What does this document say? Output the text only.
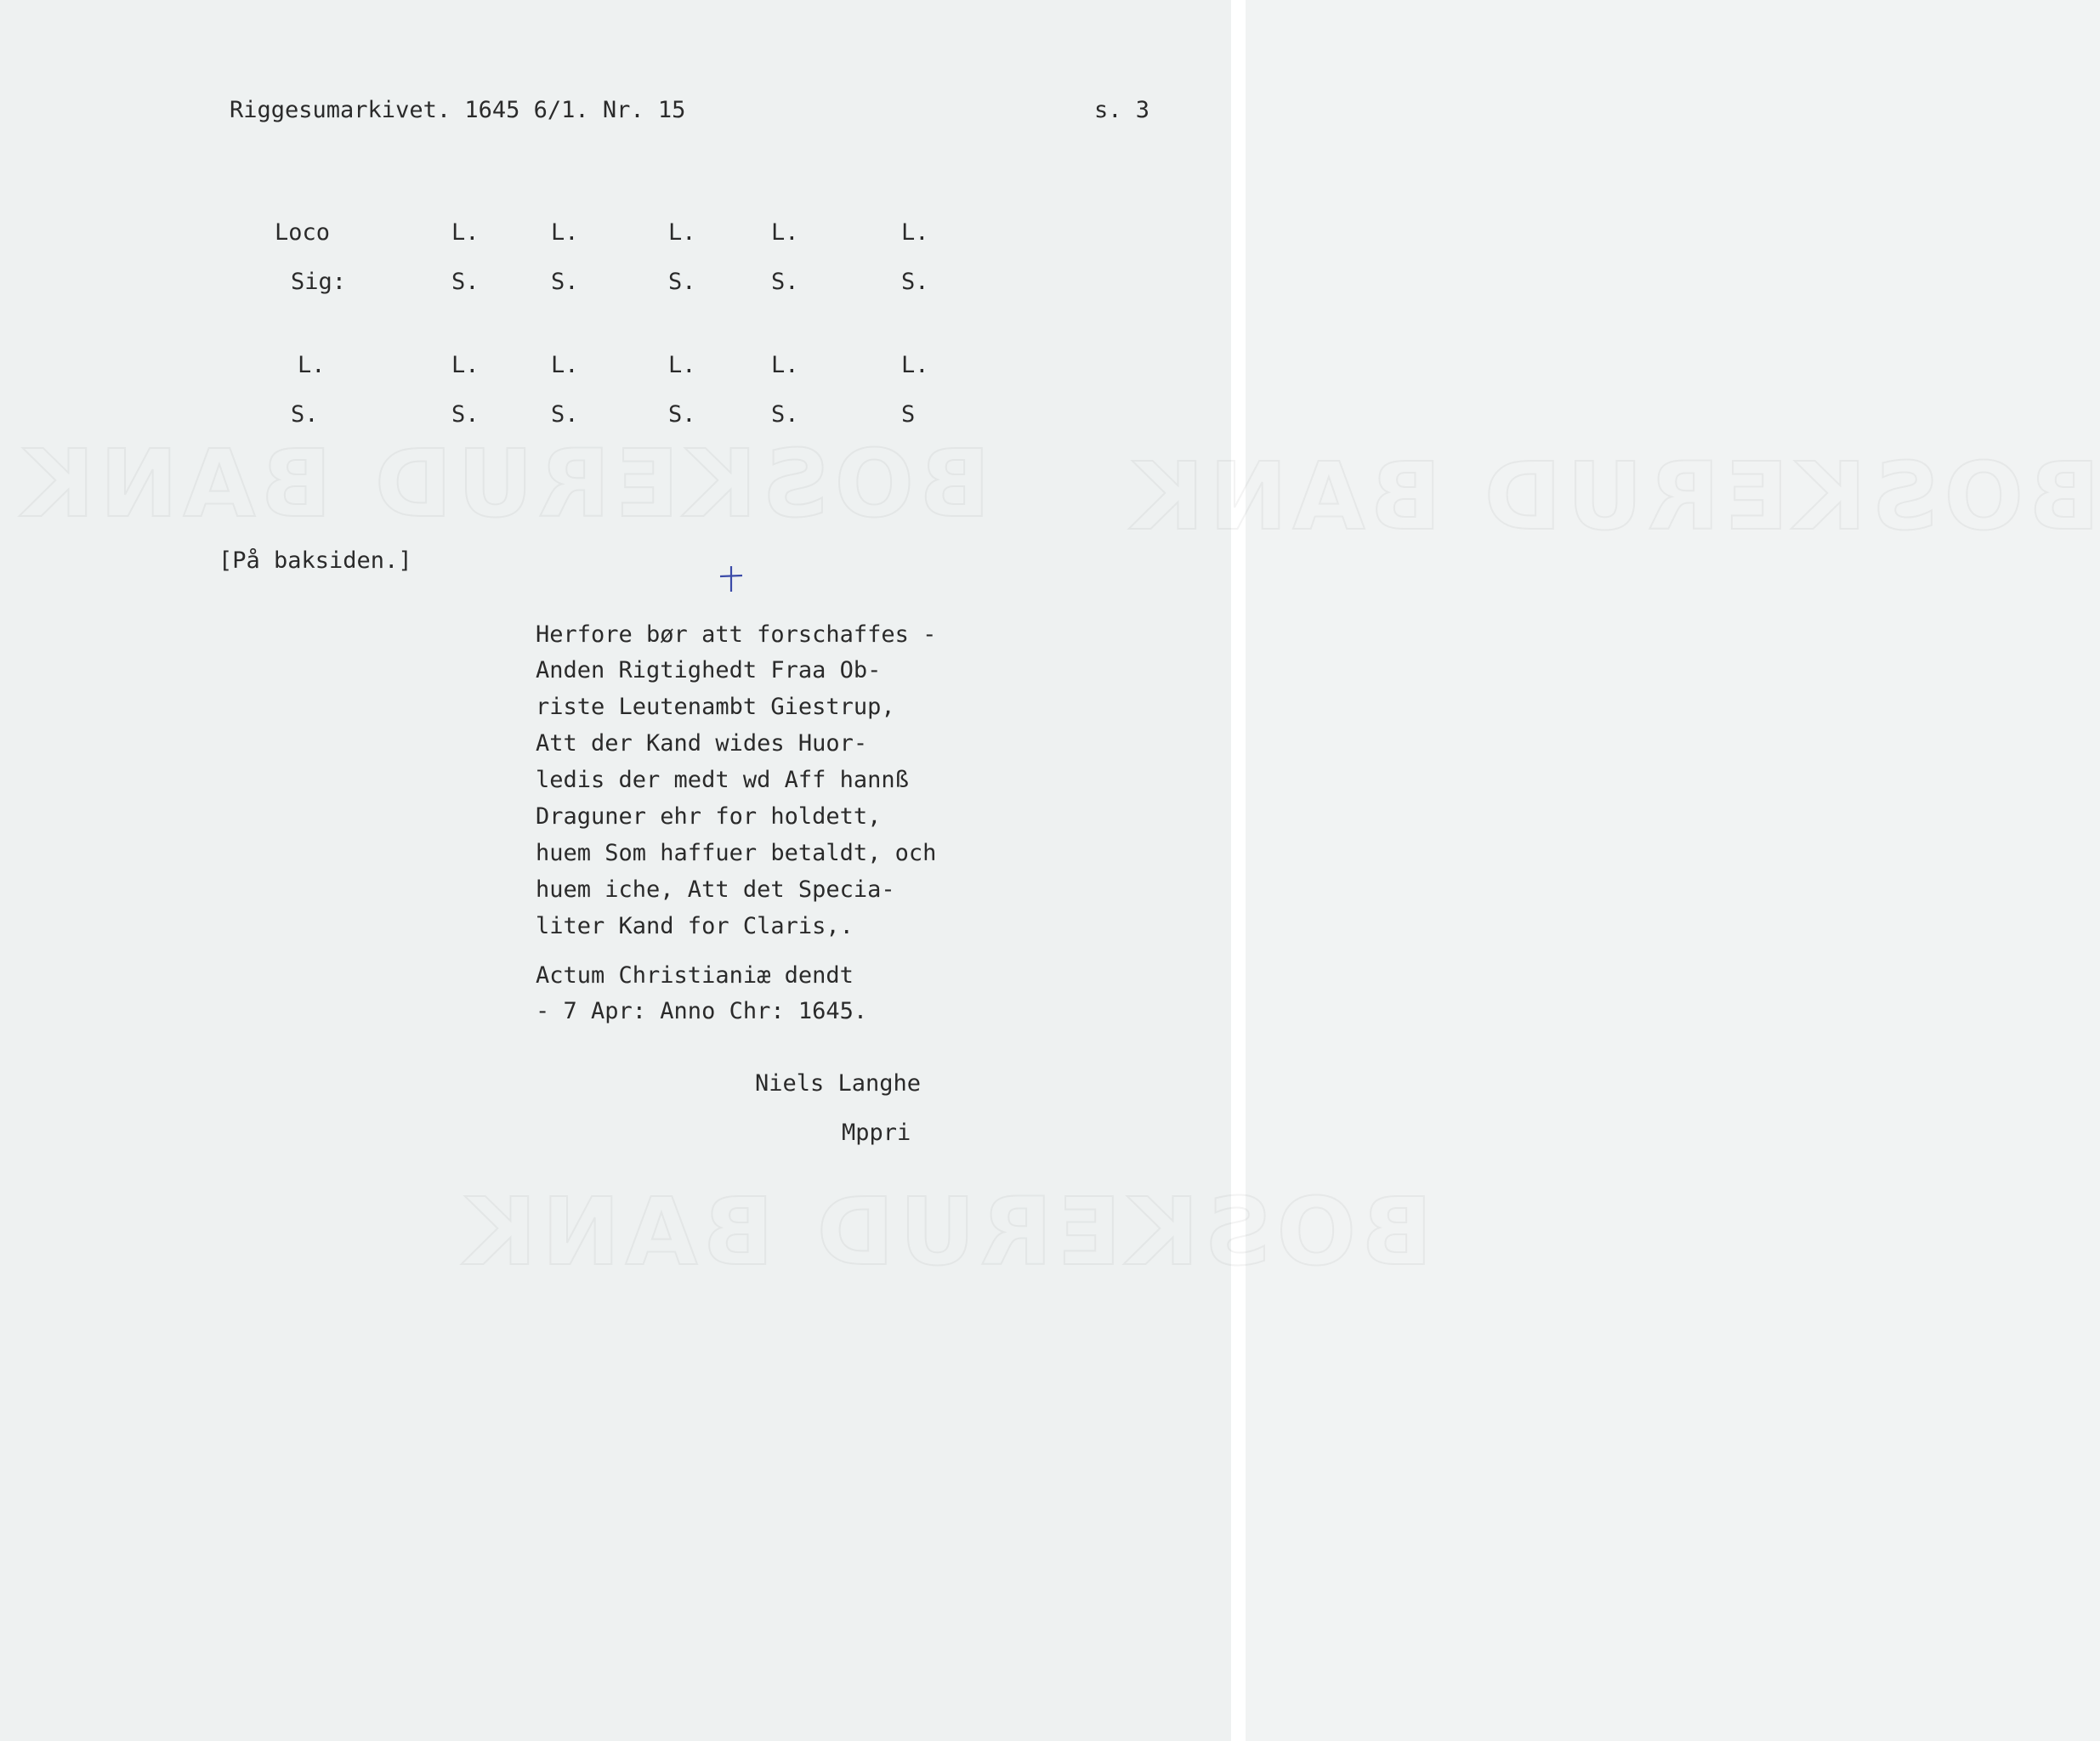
BOSKERUD BANK BOSKERUD BANK
BOSKERUD BANK
Riggesumarkivet. 1645 6/1. Nr. 15	s. 3
Loco	L.	L.	L.	L.	L.
Sig:	S.	S.	S.	S.	S.
L.	L.	L.	L.	L.	L.
S.	S.	S.	S.	S.	S
[På baksiden.]
Herfore bør att forschaffes -
Anden Rigtighedt Fraa Ob-
riste Leutenambt Giestrup,
Att der Kand wides Huor-
ledis der medt wd Aff hannß
Draguner ehr for holdett,
huem Som haffuer betaldt, och
huem iche, Att det Specia-
liter Kand for Claris,.
Actum Christianiæ dendt
- 7 Apr: Anno Chr: 1645.
Niels Langhe
Mppri
